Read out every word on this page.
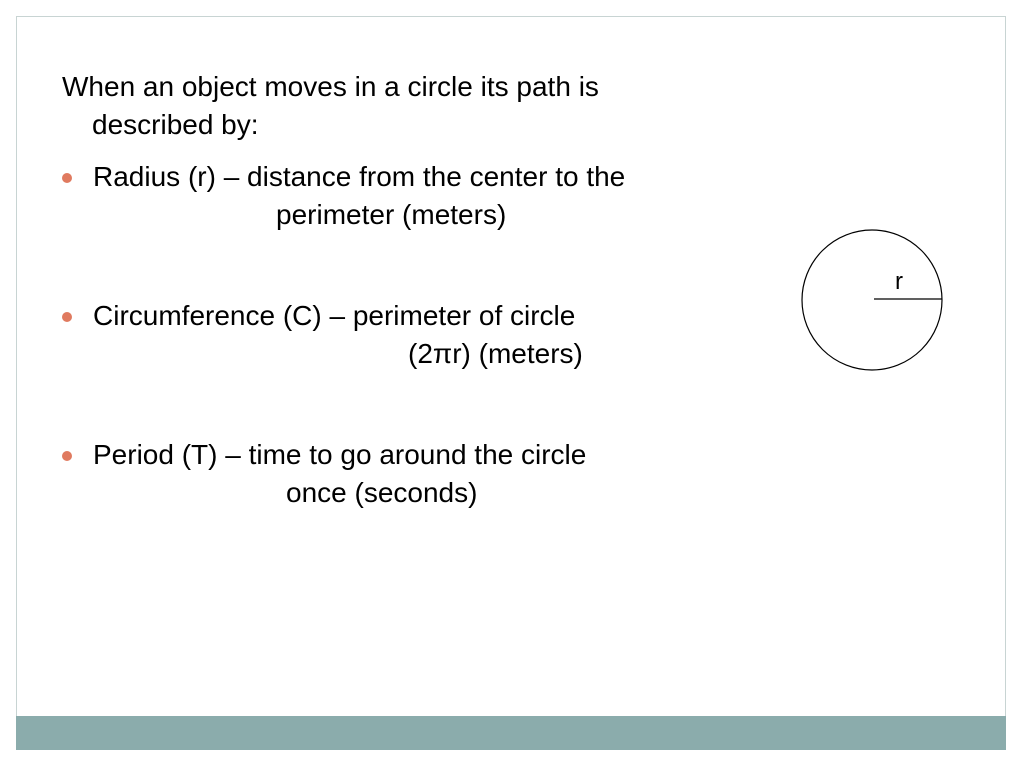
When an object moves in a circle its path is
described by:
Radius (r) – distance from the center to the
perimeter (meters)
Circumference (C) – perimeter of circle
(2πr) (meters)
Period (T) – time to go around the circle
once (seconds)
r
